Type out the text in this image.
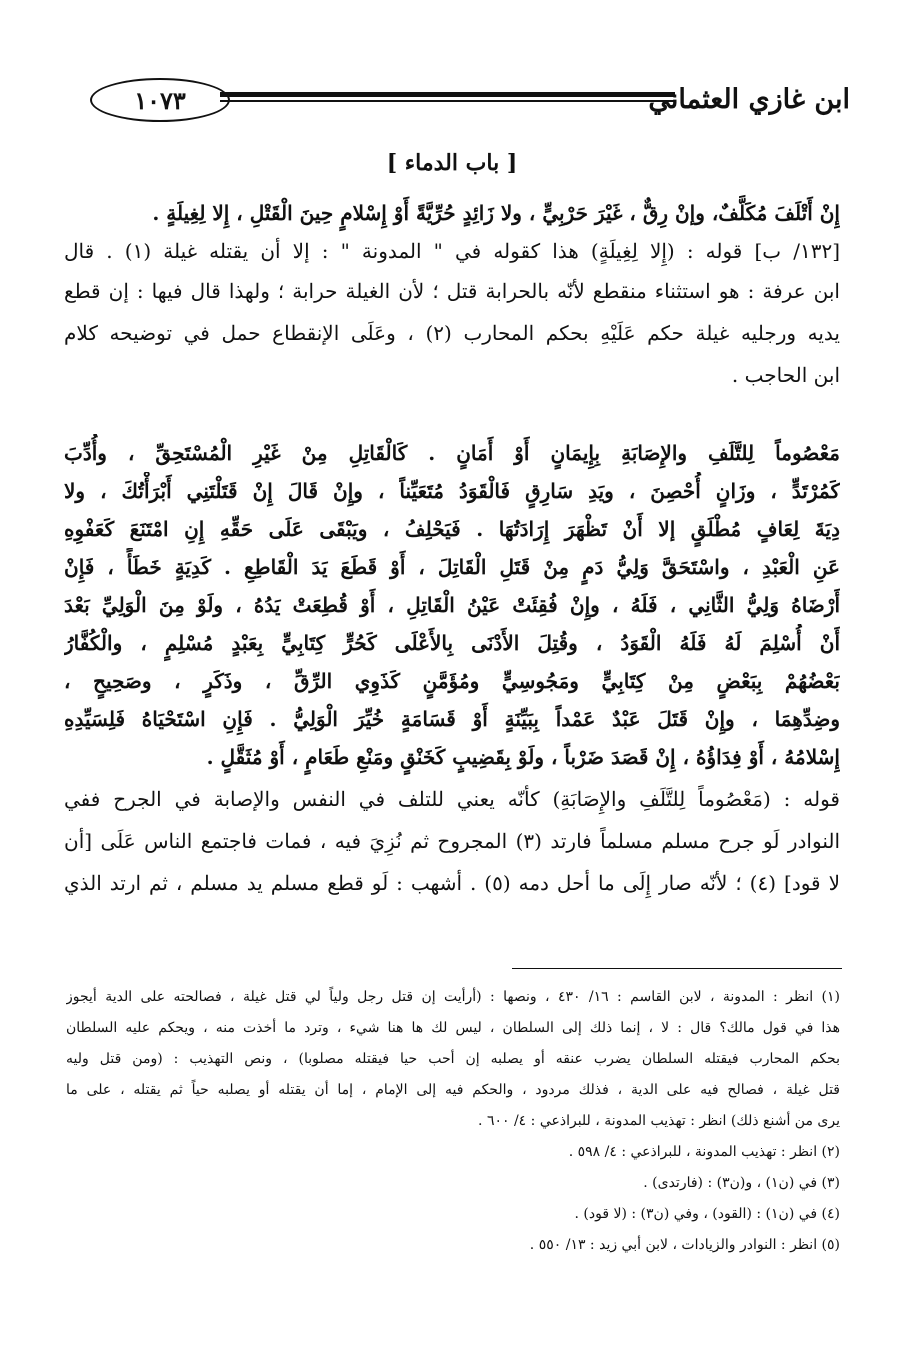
١٠٧٣	ابن غازي العثماني
[ باب الدماء ]
إِنْ أَتْلَفَ مُكَلَّفٌ، وإنْ رِقٌّ ، غَيْرَ حَرْبِيٍّ ، ولا زَائِدٍ حُرِّيَّةً أَوْ إِسْلامٍ حِينَ الْقَتْلِ ، إِلا لِغِيلَةٍ .
[١٣٢/ ب] قوله : (إِلا لِغِيلَةٍ) هذا كقوله في " المدونة " : إلا أن يقتله غيلة (١) . قال
ابن عرفة : هو استثناء منقطع لأنّه بالحرابة قتل ؛ لأن الغيلة حرابة ؛ ولهذا قال فيها : إن قطع
يديه ورجليه غيلة حكم عَلَيْهِ بحكم المحارب (٢) ، وعَلَى الإنقطاع حمل في توضيحه كلام
ابن الحاجب .
مَعْصُوماً لِلتَّلَفِ والإِصَابَةِ بِإِيمَانٍ أَوْ أَمَانٍ . كَالْقَاتِلِ مِنْ غَيْرِ الْمُسْتَحِقِّ ، وأُدِّبَ
كَمُرْتَدٍّ ، وزَانٍ أُحْصِنَ ، ويَدِ سَارِقٍ فَالْقَوَدُ مُتَعَيِّناً ، وإِنْ قَالَ إِنْ قَتَلْتَنِي أَبْرَأْتُكَ ، ولا
دِيَةَ لِعَافٍ مُطْلَقٍ إلا أَنْ تَظْهَرَ إِرَادَتُهَا . فَيَحْلِفُ ، ويَبْقَى عَلَى حَقِّهِ إِنِ امْتَنَعَ كَعَفْوِهِ
عَنِ الْعَبْدِ ، واسْتَحَقَّ وَلِيُّ دَمٍ مِنْ قَتَلِ الْقَاتِلَ ، أَوْ قَطَعَ يَدَ الْقَاطِعِ . كَدِيَةٍ خَطَأً ، فَإِنْ
أَرْضَاهُ وَلِيُّ الثَّانِي ، فَلَهُ ، وإِنْ فُقِئَتْ عَيْنُ الْقَاتِلِ ، أَوْ قُطِعَتْ يَدُهُ ، ولَوْ مِنَ الْوَلِيِّ بَعْدَ
أَنْ أُسْلِمَ لَهُ فَلَهُ الْقَوَدُ ، وقُتِلَ الأَدْنَى بِالأَعْلَى كَحُرٍّ كِتَابِيٍّ بِعَبْدٍ مُسْلِمٍ ، والْكُفَّارُ
بَعْضُهُمْ بِبَعْضٍ مِنْ كِتَابِيٍّ ومَجُوسِيٍّ ومُؤَمَّنٍ كَذَوِي الرِّقِّ ، وذَكَرٍ ، وصَحِيحٍ ،
وضِدِّهِمَا ، وإِنْ قَتَلَ عَبْدٌ عَمْداً بِبَيِّنَةٍ أَوْ قَسَامَةٍ خُيِّرَ الْوَلِيُّ . فَإِنِ اسْتَحْيَاهُ فَلِسَيِّدِهِ
إِسْلامُهُ ، أَوْ فِدَاؤُهُ ، إِنْ قَصَدَ ضَرْباً ، ولَوْ بِقَضِيبٍ كَخَنْقٍ ومَنْعِ طَعَامٍ ، أَوْ مُثَقَّلٍ .
قوله : (مَعْصُوماً لِلتَّلَفِ والإِصَابَةِ) كأنّه يعني للتلف في النفس والإصابة في الجرح ففي
النوادر لَو جرح مسلم مسلماً فارتد (٣) المجروح ثم نُزِيَ فيه ، فمات فاجتمع الناس عَلَى [أن
لا قود] (٤) ؛ لأنّه صار إِلَى ما أحل دمه (٥) . أشهب : لَو قطع مسلم يد مسلم ، ثم ارتد الذي
(١) انظر : المدونة ، لابن القاسم : ١٦/ ٤٣٠ ، ونصها : (أرأيت إن قتل رجل ولياً لي قتل غيلة ، فصالحته على الدية أيجوز
هذا في قول مالك؟ قال : لا ، إنما ذلك إلى السلطان ، ليس لك ها هنا شيء ، وترد ما أخذت منه ، ويحكم عليه السلطان
بحكم المحارب فيقتله السلطان يضرب عنقه أو يصلبه إن أحب حيا فيقتله مصلوبا) ، ونص التهذيب : (ومن قتل وليه
قتل غيلة ، فصالح فيه على الدية ، فذلك مردود ، والحكم فيه إلى الإمام ، إما أن يقتله أو يصلبه حياً ثم يقتله ، على ما
يرى من أشنع ذلك) انظر : تهذيب المدونة ، للبراذعي : ٤/ ٦٠٠ .
(٢) انظر : تهذيب المدونة ، للبراذعي : ٤/ ٥٩٨ .
(٣) في (ن١) ، و(ن٣) : (فارتدى) .
(٤) في (ن١) : (القود) ، وفي (ن٣) : (لا قود) .
(٥) انظر : النوادر والزيادات ، لابن أبي زيد : ١٣/ ٥٥٠ .
